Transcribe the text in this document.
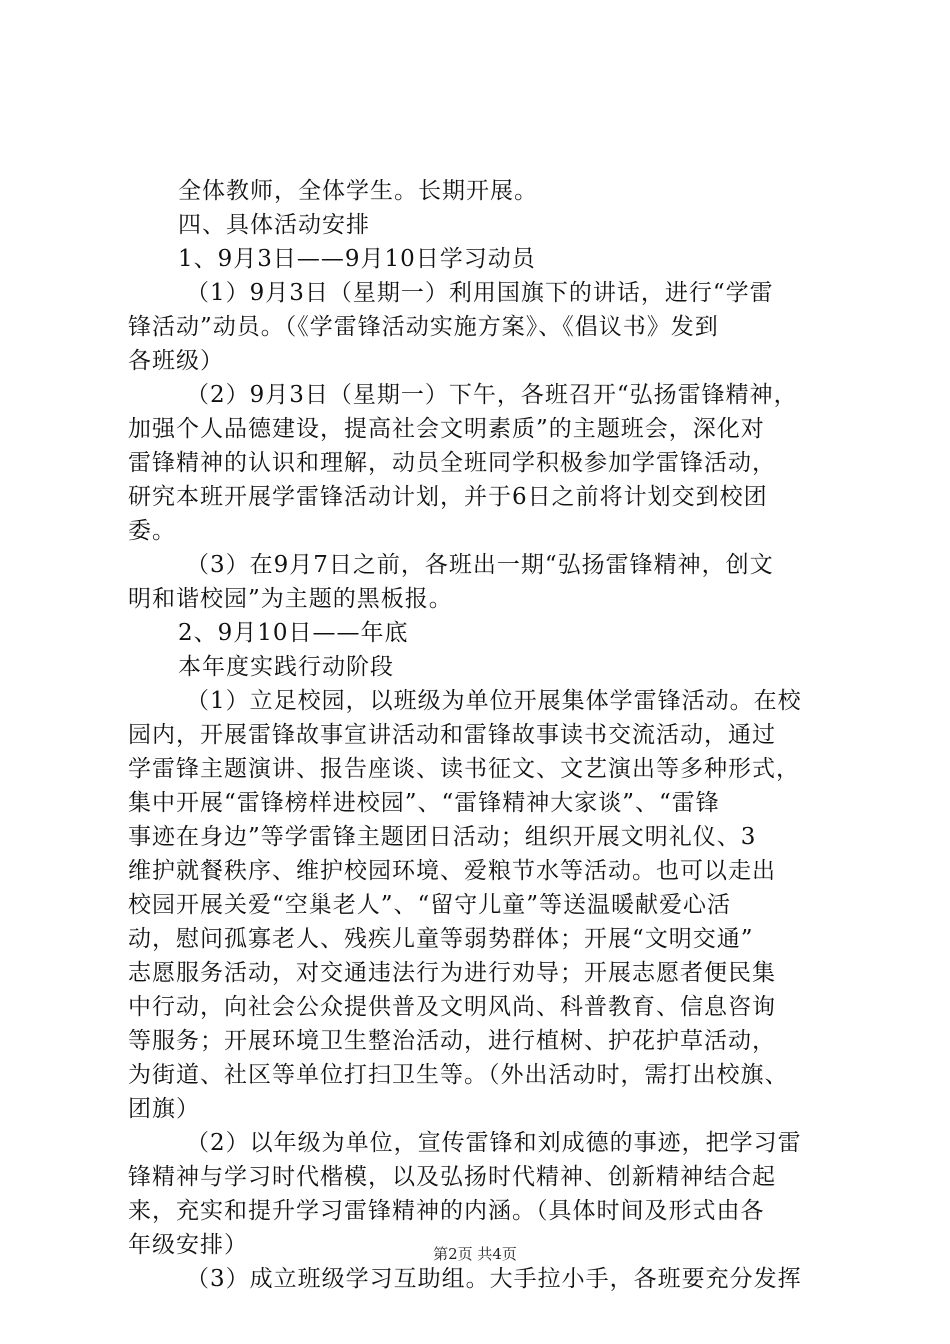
全体教师，全体学生。长期开展。
四、具体活动安排
1、9月3日——9月10日学习动员
（1）9月3日（星期一）利用国旗下的讲话，进行“学雷
锋活动”动员。（《学雷锋活动实施方案》、《倡议书》发到
各班级）
（2）9月3日（星期一）下午，各班召开“弘扬雷锋精神，
加强个人品德建设，提高社会文明素质”的主题班会，深化对
雷锋精神的认识和理解，动员全班同学积极参加学雷锋活动，
研究本班开展学雷锋活动计划，并于6日之前将计划交到校团
委。
（3）在9月7日之前，各班出一期“弘扬雷锋精神，创文
明和谐校园”为主题的黑板报。
2、9月10日——年底
本年度实践行动阶段
（1）立足校园，以班级为单位开展集体学雷锋活动。在校
园内，开展雷锋故事宣讲活动和雷锋故事读书交流活动，通过
学雷锋主题演讲、报告座谈、读书征文、文艺演出等多种形式，
集中开展“雷锋榜样进校园”、“雷锋精神大家谈”、“雷锋
事迹在身边”等学雷锋主题团日活动；组织开展文明礼仪、3
维护就餐秩序、维护校园环境、爱粮节水等活动。也可以走出
校园开展关爱“空巢老人”、“留守儿童”等送温暖献爱心活
动，慰问孤寡老人、残疾儿童等弱势群体；开展“文明交通”
志愿服务活动，对交通违法行为进行劝导；开展志愿者便民集
中行动，向社会公众提供普及文明风尚、科普教育、信息咨询
等服务；开展环境卫生整治活动，进行植树、护花护草活动，
为街道、社区等单位打扫卫生等。（外出活动时，需打出校旗、
团旗）
（2）以年级为单位，宣传雷锋和刘成德的事迹，把学习雷
锋精神与学习时代楷模，以及弘扬时代精神、创新精神结合起
来，充实和提升学习雷锋精神的内涵。（具体时间及形式由各
年级安排）
（3）成立班级学习互助组。大手拉小手，各班要充分发挥
第2页 共4页
